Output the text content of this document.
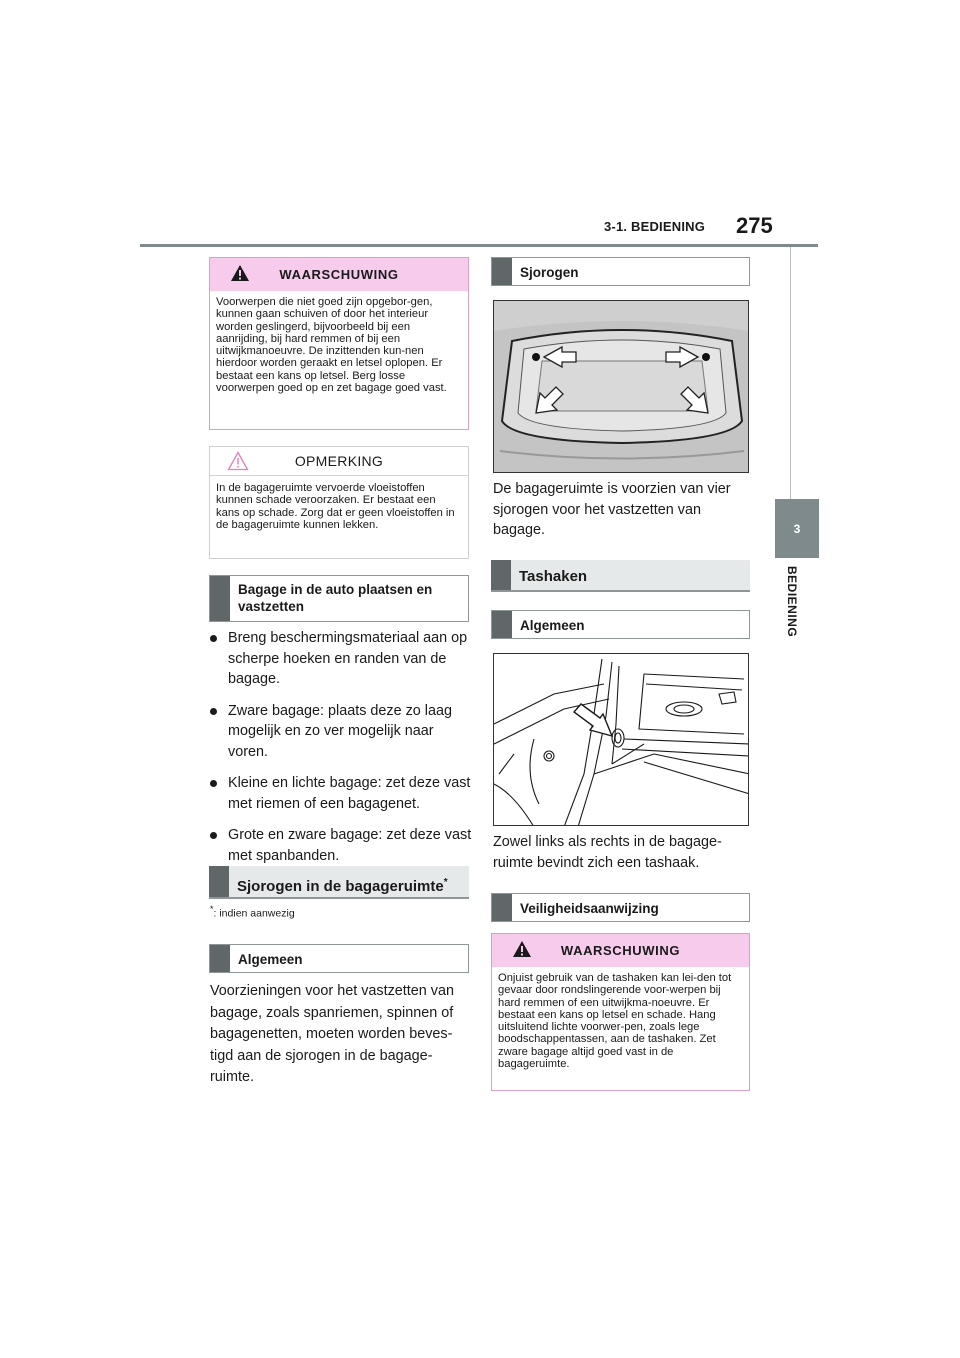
3-1. BEDIENING 275
3
BEDIENING
WAARSCHUWING
Voorwerpen die niet goed zijn opgebor-gen, kunnen gaan schuiven of door het interieur worden geslingerd, bijvoorbeeld bij een aanrijding, bij hard remmen of bij een uitwijkmanoeuvre. De inzittenden kun-nen hierdoor worden geraakt en letsel oplopen. Er bestaat een kans op letsel. Berg losse voorwerpen goed op en zet bagage goed vast.
OPMERKING
In de bagageruimte vervoerde vloeistoffen kunnen schade veroorzaken. Er bestaat een kans op schade. Zorg dat er geen vloeistoffen in de bagageruimte kunnen lekken.
Bagage in de auto plaatsen en vastzetten
Breng beschermingsmateriaal aan op scherpe hoeken en randen van de bagage.
Zware bagage: plaats deze zo laag mogelijk en zo ver mogelijk naar voren.
Kleine en lichte bagage: zet deze vast met riemen of een bagagenet.
Grote en zware bagage: zet deze vast met spanbanden.
Sjorogen in de bagageruimte*
*: indien aanwezig
Algemeen
Voorzieningen voor het vastzetten van bagage, zoals spanriemen, spinnen of bagagenetten, moeten worden beves-tigd aan de sjorogen in de bagage-ruimte.
Sjorogen
De bagageruimte is voorzien van vier sjorogen voor het vastzetten van bagage.
Tashaken
Algemeen
Zowel links als rechts in de bagage-ruimte bevindt zich een tashaak.
Veiligheidsaanwijzing
WAARSCHUWING
Onjuist gebruik van de tashaken kan lei-den tot gevaar door rondslingerende voor-werpen bij hard remmen of een uitwijkma-noeuvre. Er bestaat een kans op letsel en schade. Hang uitsluitend lichte voorwer-pen, zoals lege boodschappentassen, aan de tashaken. Zet zware bagage altijd goed vast in de bagageruimte.
